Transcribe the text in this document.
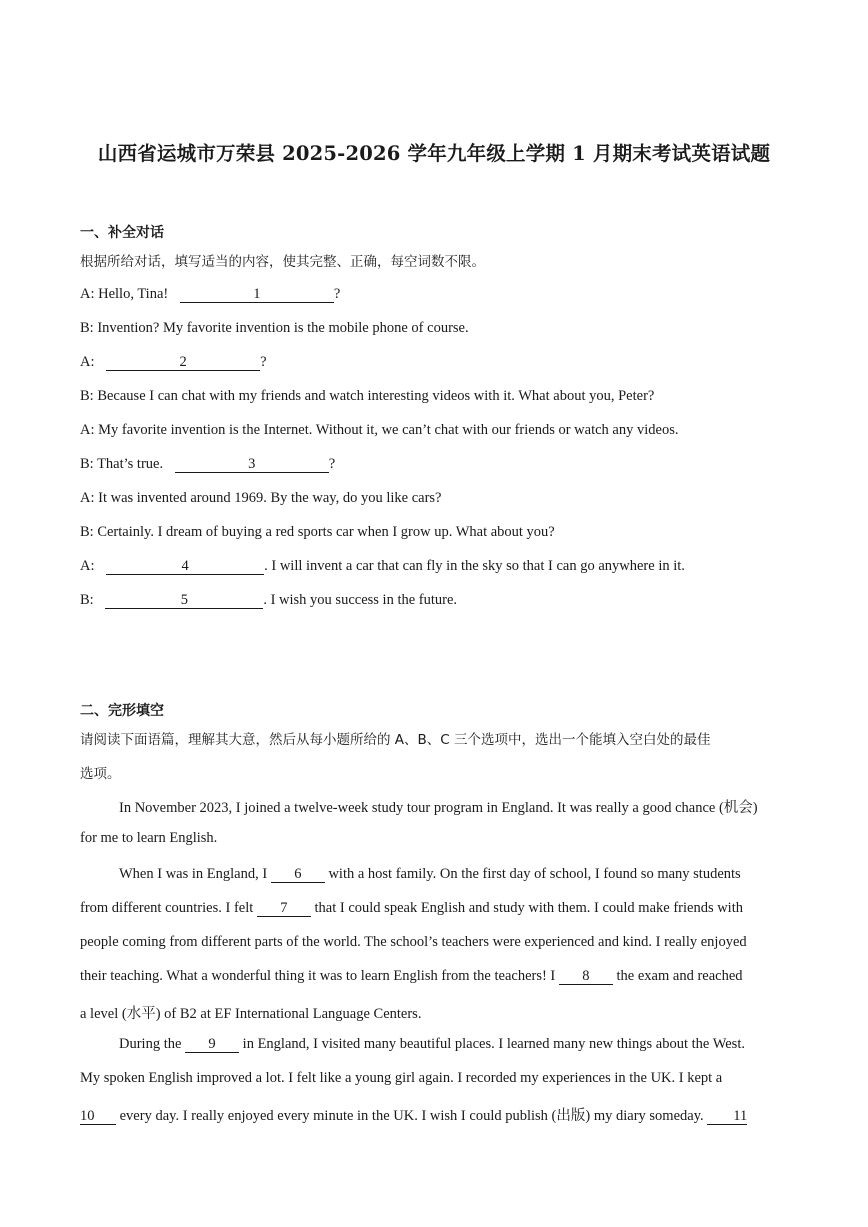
山西省运城市万荣县 2025-2026 学年九年级上学期 1 月期末考试英语试题
一、补全对话
根据所给对话，填写适当的内容，使其完整、正确，每空词数不限。
A: Hello, Tina!	1	?
B: Invention? My favorite invention is the mobile phone of course.
A:	2	?
B: Because I can chat with my friends and watch interesting videos with it. What about you, Peter?
A: My favorite invention is the Internet. Without it, we can’t chat with our friends or watch any videos.
B: That’s true.	3	?
A: It was invented around 1969. By the way, do you like cars?
B: Certainly. I dream of buying a red sports car when I grow up. What about you?
A:	4	. I will invent a car that can fly in the sky so that I can go anywhere in it.
B:	5	. I wish you success in the future.
二、完形填空
请阅读下面语篇，理解其大意，然后从每小题所给的 A、B、C 三个选项中，选出一个能填入空白处的最佳
选项。
In November 2023, I joined a twelve-week study tour program in England. It was really a good chance (机会)
for me to learn English.
When I was in England, I 6 with a host family. On the first day of school, I found so many students
from different countries. I felt 7 that I could speak English and study with them. I could make friends with
people coming from different parts of the world. The school’s teachers were experienced and kind. I really enjoyed
their teaching. What a wonderful thing it was to learn English from the teachers! I 8 the exam and reached
a level (水平) of B2 at EF International Language Centers.
During the 9 in England, I visited many beautiful places. I learned many new things about the West.
My spoken English improved a lot. I felt like a young girl again. I recorded my experiences in the UK. I kept a
10 every day. I really enjoyed every minute in the UK. I wish I could publish (出版) my diary someday. 11
